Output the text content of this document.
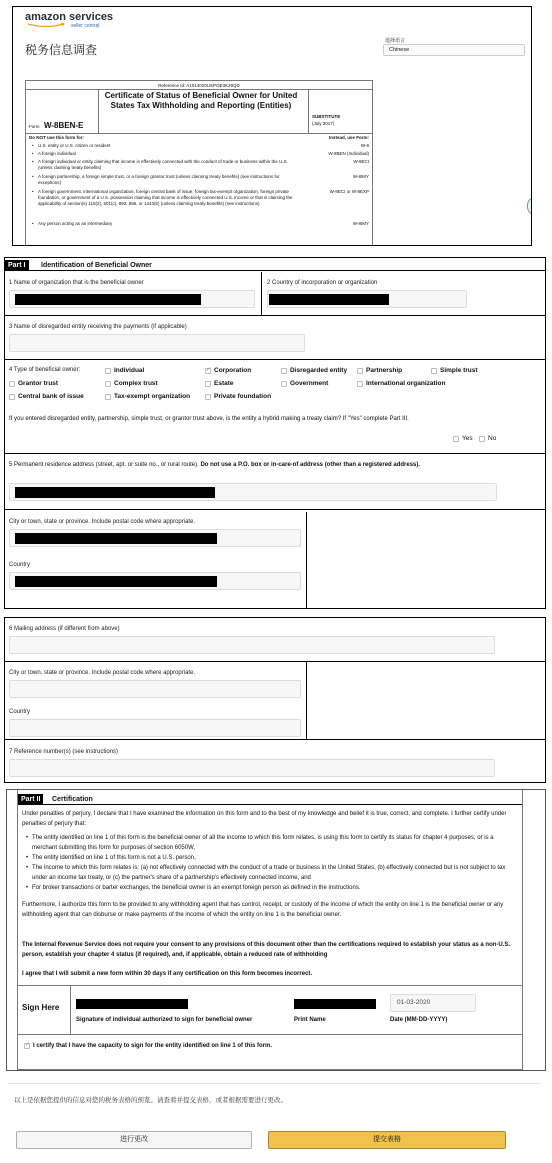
amazon services
seller central
税务信息调查
选择语言
Chinese
Reference Id: A1014020USPOE3K29QD
Form W-8BEN-E
Certificate of Status of Beneficial Owner for United States Tax Withholding and Reporting (Entities)
SUBSTITUTE
(July 2017)
Do NOT use this form for:	Instead, use Form:
• U.S. entity or U.S. citizen or resident	W-9
• A foreign individual	W-8BEN (Individual)
• A foreign individual or entity claiming that income is effectively connected with the conduct of trade or business within the U.S. (unless claiming treaty benefits)
W-8ECI
• A foreign partnership, a foreign simple trust, or a foreign grantor trust (unless claiming treaty benefits) (see instructions for exceptions)
W-8IMY
• A foreign government, international organization, foreign central bank of issue, foreign tax-exempt organization, foreign private foundation, or government of a U.S. possession claiming that income is effectively connected U.S. income or that is claiming the applicability of section(s) 115(2), 501(c), 892, 895, or 1443(b) (unless claiming treaty benefits) (see instructions)
W-8ECI or W-8EXP
• Any person acting as an intermediary	W-8IMY
Part I	Identification of Beneficial Owner
1 Name of organization that is the beneficial owner	2 Country of incorporation or organization
3 Name of disregarded entity receiving the payments (if applicable)
4 Type of beneficial owner:	Individual
✓	Corporation	Disregarded entity	Partnership	Simple trust
Grantor trust	Complex trust	Estate	Government	International organization
Central bank of issue	Tax-exempt organization	Private foundation
If you entered disregarded entity, partnership, simple trust, or grantor trust above, is the entity a hybrid making a treaty claim? If "Yes" complete Part III.
Yes No
5 Permanent residence address (street, apt. or suite no., or rural route). Do not use a P.O. box or in-care-of address (other than a registered address).
City or town, state or province. Include postal code where appropriate.
Country
6 Mailing address (if different from above)
City or town, state or province. Include postal code where appropriate.
Country
7 Reference number(s) (see instructions)
Part II	Certification
Under penalties of perjury, I declare that I have examined the information on this form and to the best of my knowledge and belief it is true, correct, and complete. I further certify under penalties of perjury that:
• The entity identified on line 1 of this form is the beneficial owner of all the income to which this form relates, is using this form to certify its status for chapter 4 purposes, or is a merchant submitting this form for purposes of section 6050W,
• The entity identified on line 1 of this form is not a U.S. person,
• The income to which this form relates is: (a) not effectively connected with the conduct of a trade or business in the United States, (b) effectively connected but is not subject to tax under an income tax treaty, or (c) the partner's share of a partnership's effectively connected income, and
• For broker transactions or barter exchanges, the beneficial owner is an exempt foreign person as defined in the instructions.
Furthermore, I authorize this form to be provided to any withholding agent that has control, receipt, or custody of the income of which the entity on line 1 is the beneficial owner or any withholding agent that can disburse or make payments of the income of which the entity on line 1 is the beneficial owner.
The Internal Revenue Service does not require your consent to any provisions of this document other than the certifications required to establish your status as a non-U.S. person, establish your chapter 4 status (if required), and, if applicable, obtain a reduced rate of withholding
I agree that I will submit a new form within 30 days if any certification on this form becomes incorrect.
Sign Here
Signature of individual authorized to sign for beneficial owner	Print Name
01-03-2020
Date (MM-DD-YYYY)
✓
I certify that I have the capacity to sign for the entity identified on line 1 of this form.
以上是依据您提供的信息对您的税务表格的预览。请查看并提交表格，或者根据需要进行更改。
进行更改	提交表格
